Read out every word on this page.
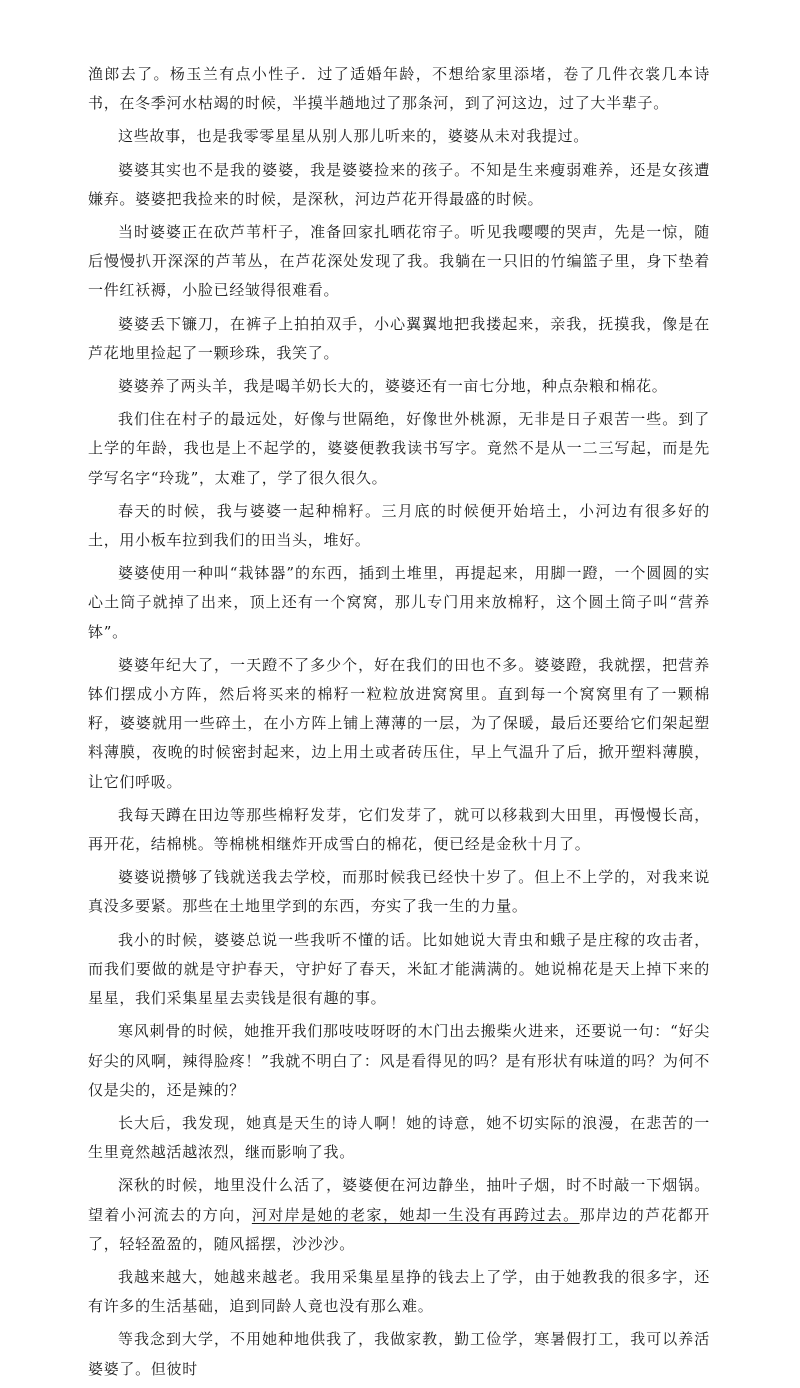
渔郎去了。杨玉兰有点小性子．过了适婚年龄，不想给家里添堵，卷了几件衣裳几本诗书，在冬季河水枯竭的时候，半摸半趟地过了那条河，到了河这边，过了大半辈子。

这些故事，也是我零零星星从别人那儿听来的，婆婆从未对我提过。

婆婆其实也不是我的婆婆，我是婆婆捡来的孩子。不知是生来瘦弱难养，还是女孩遭嫌弃。婆婆把我捡来的时候，是深秋，河边芦花开得最盛的时候。

当时婆婆正在砍芦苇杆子，准备回家扎晒花帘子。听见我嘤嘤的哭声，先是一惊，随后慢慢扒开深深的芦苇丛，在芦花深处发现了我。我躺在一只旧的竹编篮子里，身下垫着一件红袄褥，小脸已经皱得很难看。

婆婆丢下镰刀，在裤子上拍拍双手，小心翼翼地把我搂起来，亲我，抚摸我，像是在芦花地里捡起了一颗珍珠，我笑了。

婆婆养了两头羊，我是喝羊奶长大的，婆婆还有一亩七分地，种点杂粮和棉花。

我们住在村子的最远处，好像与世隔绝，好像世外桃源，无非是日子艰苦一些。到了上学的年龄，我也是上不起学的，婆婆便教我读书写字。竟然不是从一二三写起，而是先学写名字“玲珑”，太难了，学了很久很久。

春天的时候，我与婆婆一起种棉籽。三月底的时候便开始培土，小河边有很多好的土，用小板车拉到我们的田当头，堆好。

婆婆使用一种叫“栽钵器”的东西，插到土堆里，再提起来，用脚一蹬，一个圆圆的实心土筒子就掉了出来，顶上还有一个窝窝，那儿专门用来放棉籽，这个圆土筒子叫“营养钵”。

婆婆年纪大了，一天蹬不了多少个，好在我们的田也不多。婆婆蹬，我就摆，把营养钵们摆成小方阵，然后将买来的棉籽一粒粒放进窝窝里。直到每一个窝窝里有了一颗棉籽，婆婆就用一些碎土，在小方阵上铺上薄薄的一层，为了保暖，最后还要给它们架起塑料薄膜，夜晚的时候密封起来，边上用土或者砖压住，早上气温升了后，掀开塑料薄膜，让它们呼吸。

我每天蹲在田边等那些棉籽发芽，它们发芽了，就可以移栽到大田里，再慢慢长高，再开花，结棉桃。等棉桃相继炸开成雪白的棉花，便已经是金秋十月了。

婆婆说攒够了钱就送我去学校，而那时候我已经快十岁了。但上不上学的，对我来说真没多要紧。那些在土地里学到的东西，夯实了我一生的力量。

我小的时候，婆婆总说一些我听不懂的话。比如她说大青虫和蛾子是庄稼的攻击者，而我们要做的就是守护春天，守护好了春天，米缸才能满满的。她说棉花是天上掉下来的星星，我们采集星星去卖钱是很有趣的事。

寒风刺骨的时候，她推开我们那吱吱呀呀的木门出去搬柴火进来，还要说一句：“好尖好尖的风啊，辣得脸疼！”我就不明白了：风是看得见的吗？是有形状有味道的吗？为何不仅是尖的，还是辣的？

长大后，我发现，她真是天生的诗人啊！她的诗意，她不切实际的浪漫，在悲苦的一生里竟然越活越浓烈，继而影响了我。

深秋的时候，地里没什么活了，婆婆便在河边静坐，抽叶子烟，时不时敲一下烟锅。望着小河流去的方向，河对岸是她的老家，她却一生没有再跨过去。那岸边的芦花都开了，轻轻盈盈的，随风摇摆，沙沙沙。

我越来越大，她越来越老。我用采集星星挣的钱去上了学，由于她教我的很多字，还有许多的生活基础，追到同龄人竟也没有那么难。

等我念到大学，不用她种地供我了，我做家教，勤工俭学，寒暑假打工，我可以养活婆婆了。但彼时
